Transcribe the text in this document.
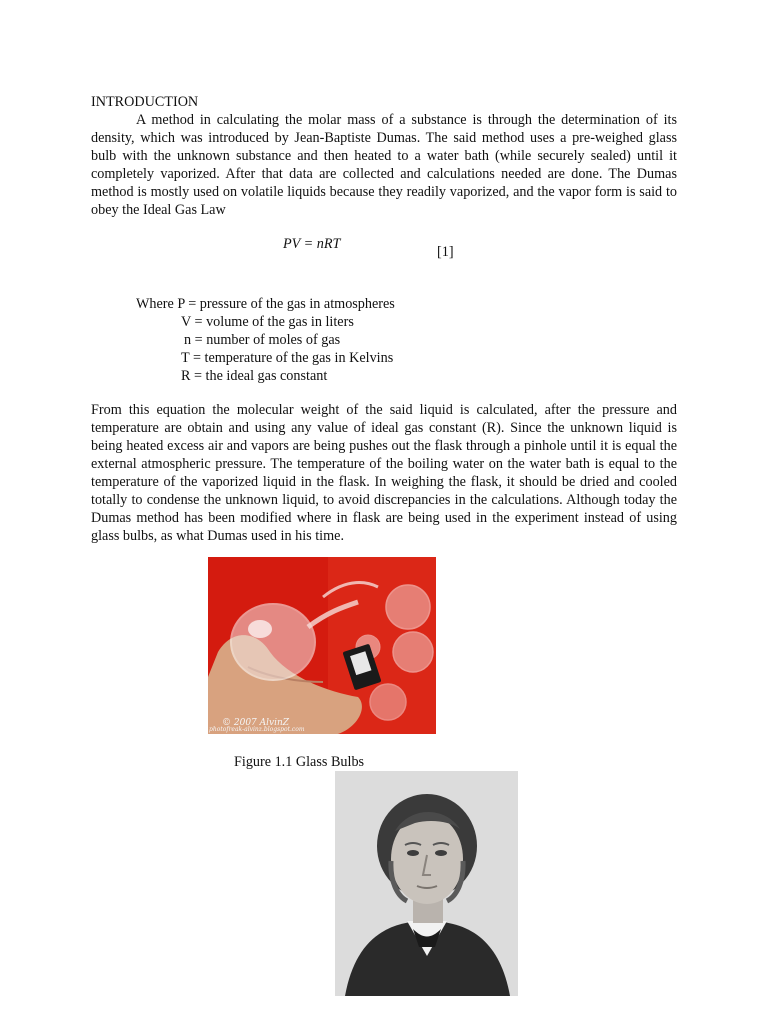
INTRODUCTION

A method in calculating the molar mass of a substance is through the determination of its density, which was introduced by Jean-Baptiste Dumas. The said method uses a pre-weighed glass bulb with the unknown substance and then heated to a water bath (while securely sealed) until it completely vaporized. After that data are collected and calculations needed are done. The Dumas method is mostly used on volatile liquids because they readily vaporized, and the vapor form is said to obey the Ideal Gas Law

PV = nRT	[1]
Where P = pressure of the gas in atmospheres
V = volume of the gas in liters
n = number of moles of gas
T = temperature of the gas in Kelvins
R = the ideal gas constant

From this equation the molecular weight of the said liquid is calculated, after the pressure and temperature are obtain and using any value of ideal gas constant (R). Since the unknown liquid is being heated excess air and vapors are being pushes out the flask through a pinhole until it is equal the external atmospheric pressure. The temperature of the boiling water on the water bath is equal to the temperature of the vaporized liquid in the flask. In weighing the flask, it should be dried and cooled totally to condense the unknown liquid, to avoid discrepancies in the calculations. Although today the Dumas method has been modified where in flask are being used in the experiment instead of using glass bulbs, as what Dumas used in his time.

© 2007 AlvinZ
photofreak-alvinz.blogspot.com
Figure 1.1 Glass Bulbs
